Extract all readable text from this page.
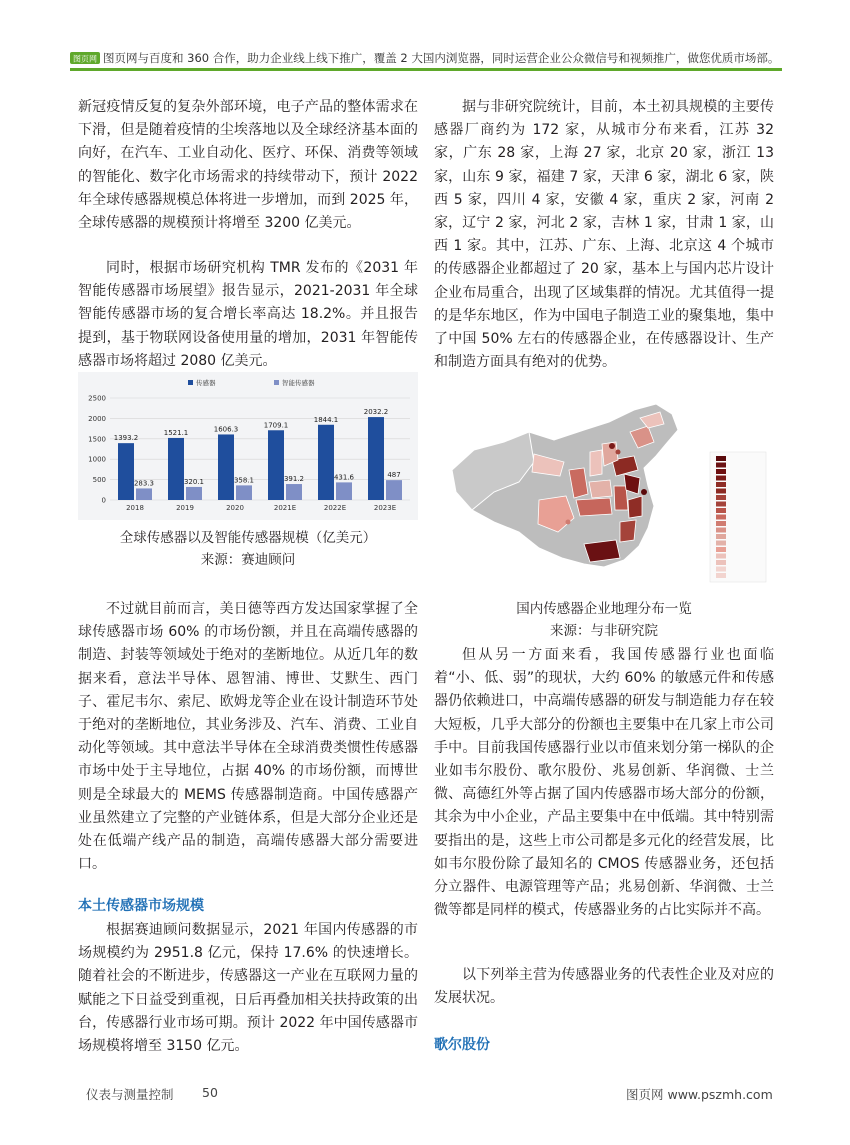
图页网 图页网与百度和 360 合作，助力企业线上线下推广，覆盖 2 大国内浏览器，同时运营企业公众微信号和视频推广，做您优质市场部。

新冠疫情反复的复杂外部环境，电子产品的整体需求在下滑，但是随着疫情的尘埃落地以及全球经济基本面的向好，在汽车、工业自动化、医疗、环保、消费等领域的智能化、数字化市场需求的持续带动下，预计 2022 年全球传感器规模总体将进一步增加，而到 2025 年，全球传感器的规模预计将增至 3200 亿美元。

同时，根据市场研究机构 TMR 发布的《2031 年智能传感器市场展望》报告显示，2021-2031 年全球智能传感器市场的复合增长率高达 18.2%。并且报告提到，基于物联网设备使用量的增加，2031 年智能传感器市场将超过 2080 亿美元。

传感器	智能传感器
0
500
1000
1500
2000
2500
1393.2
283.3
2018
1521.1
320.1
2019
1606.3
358.1
2020
1709.1
391.2
2021E
1844.1
431.6
2022E
2032.2
487
2023E
全球传感器以及智能传感器规模（亿美元）
来源：赛迪顾问

不过就目前而言，美日德等西方发达国家掌握了全球传感器市场 60% 的市场份额，并且在高端传感器的制造、封装等领域处于绝对的垄断地位。从近几年的数据来看，意法半导体、恩智浦、博世、艾默生、西门子、霍尼韦尔、索尼、欧姆龙等企业在设计制造环节处于绝对的垄断地位，其业务涉及、汽车、消费、工业自动化等领域。其中意法半导体在全球消费类惯性传感器市场中处于主导地位，占据 40% 的市场份额，而博世则是全球最大的 MEMS 传感器制造商。中国传感器产业虽然建立了完整的产业链体系，但是大部分企业还是处在低端产线产品的制造，高端传感器大部分需要进口。

本土传感器市场规模

根据赛迪顾问数据显示，2021 年国内传感器的市场规模约为 2951.8 亿元，保持 17.6% 的快速增长。随着社会的不断进步，传感器这一产业在互联网力量的赋能之下日益受到重视，日后再叠加相关扶持政策的出台，传感器行业市场可期。预计 2022 年中国传感器市场规模将增至 3150 亿元。

据与非研究院统计，目前，本土初具规模的主要传感器厂商约为 172 家，从城市分布来看，江苏 32 家，广东 28 家，上海 27 家，北京 20 家，浙江 13 家，山东 9 家，福建 7 家，天津 6 家，湖北 6 家，陕西 5 家，四川 4 家，安徽 4 家，重庆 2 家，河南 2 家，辽宁 2 家，河北 2 家，吉林 1 家，甘肃 1 家，山西 1 家。其中，江苏、广东、上海、北京这 4 个城市的传感器企业都超过了 20 家，基本上与国内芯片设计企业布局重合，出现了区域集群的情况。尤其值得一提的是华东地区，作为中国电子制造工业的聚集地，集中了中国 50% 左右的传感器企业，在传感器设计、生产和制造方面具有绝对的优势。

国内传感器企业地理分布一览
来源：与非研究院

但从另一方面来看，我国传感器行业也面临着“小、低、弱”的现状，大约 60% 的敏感元件和传感器仍依赖进口，中高端传感器的研发与制造能力存在较大短板，几乎大部分的份额也主要集中在几家上市公司手中。目前我国传感器行业以市值来划分第一梯队的企业如韦尔股份、歌尔股份、兆易创新、华润微、士兰微、高德红外等占据了国内传感器市场大部分的份额，其余为中小企业，产品主要集中在中低端。其中特别需要指出的是，这些上市公司都是多元化的经营发展，比如韦尔股份除了最知名的 CMOS 传感器业务，还包括分立器件、电源管理等产品；兆易创新、华润微、士兰微等都是同样的模式，传感器业务的占比实际并不高。

以下列举主营为传感器业务的代表性企业及对应的发展状况。

歌尔股份
仪表与测量控制 50	图页网 www.pszmh.com
